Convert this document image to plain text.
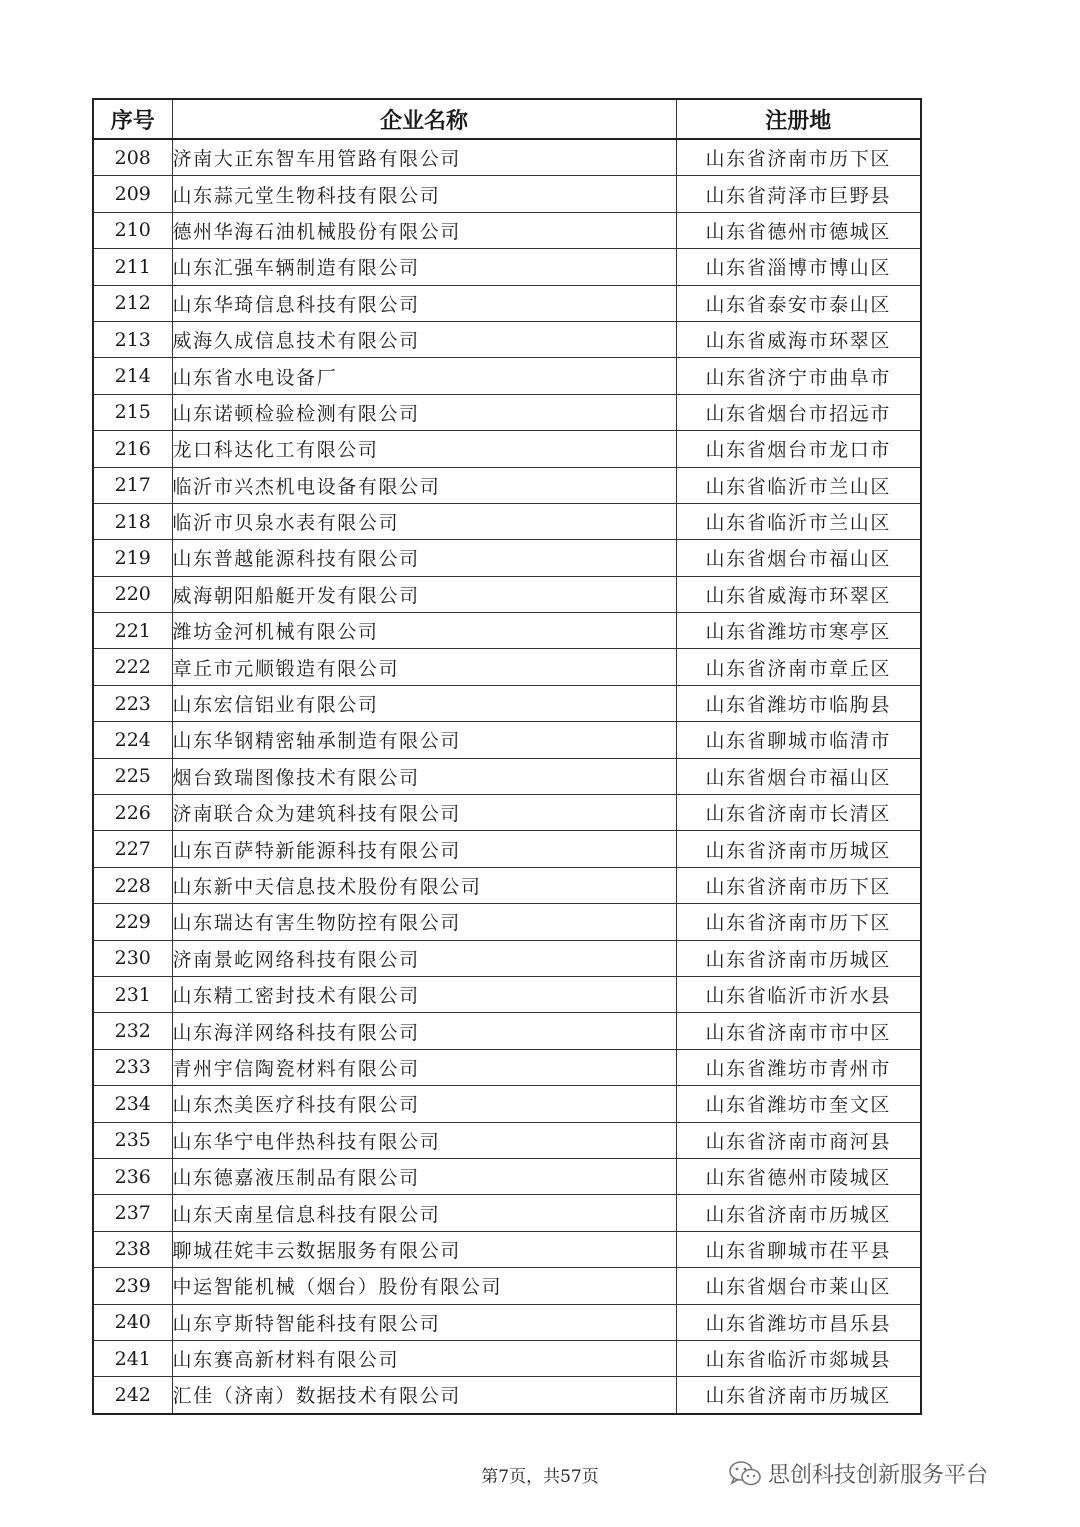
序号	企业名称	注册地
208	济南大正东智车用管路有限公司	山东省济南市历下区
209	山东蒜元堂生物科技有限公司	山东省菏泽市巨野县
210	德州华海石油机械股份有限公司	山东省德州市德城区
211	山东汇强车辆制造有限公司	山东省淄博市博山区
212	山东华琦信息科技有限公司	山东省泰安市泰山区
213	威海久成信息技术有限公司	山东省威海市环翠区
214	山东省水电设备厂	山东省济宁市曲阜市
215	山东诺顿检验检测有限公司	山东省烟台市招远市
216	龙口科达化工有限公司	山东省烟台市龙口市
217	临沂市兴杰机电设备有限公司	山东省临沂市兰山区
218	临沂市贝泉水表有限公司	山东省临沂市兰山区
219	山东普越能源科技有限公司	山东省烟台市福山区
220	威海朝阳船艇开发有限公司	山东省威海市环翠区
221	潍坊金河机械有限公司	山东省潍坊市寒亭区
222	章丘市元顺锻造有限公司	山东省济南市章丘区
223	山东宏信铝业有限公司	山东省潍坊市临朐县
224	山东华钢精密轴承制造有限公司	山东省聊城市临清市
225	烟台致瑞图像技术有限公司	山东省烟台市福山区
226	济南联合众为建筑科技有限公司	山东省济南市长清区
227	山东百萨特新能源科技有限公司	山东省济南市历城区
228	山东新中天信息技术股份有限公司	山东省济南市历下区
229	山东瑞达有害生物防控有限公司	山东省济南市历下区
230	济南景屹网络科技有限公司	山东省济南市历城区
231	山东精工密封技术有限公司	山东省临沂市沂水县
232	山东海洋网络科技有限公司	山东省济南市市中区
233	青州宇信陶瓷材料有限公司	山东省潍坊市青州市
234	山东杰美医疗科技有限公司	山东省潍坊市奎文区
235	山东华宁电伴热科技有限公司	山东省济南市商河县
236	山东德嘉液压制品有限公司	山东省德州市陵城区
237	山东天南星信息科技有限公司	山东省济南市历城区
238	聊城茌姹丰云数据服务有限公司	山东省聊城市茌平县
239	中运智能机械（烟台）股份有限公司	山东省烟台市莱山区
240	山东亨斯特智能科技有限公司	山东省潍坊市昌乐县
241	山东赛高新材料有限公司	山东省临沂市郯城县
242	汇佳（济南）数据技术有限公司	山东省济南市历城区
第7页，共57页	思创科技创新服务平台
